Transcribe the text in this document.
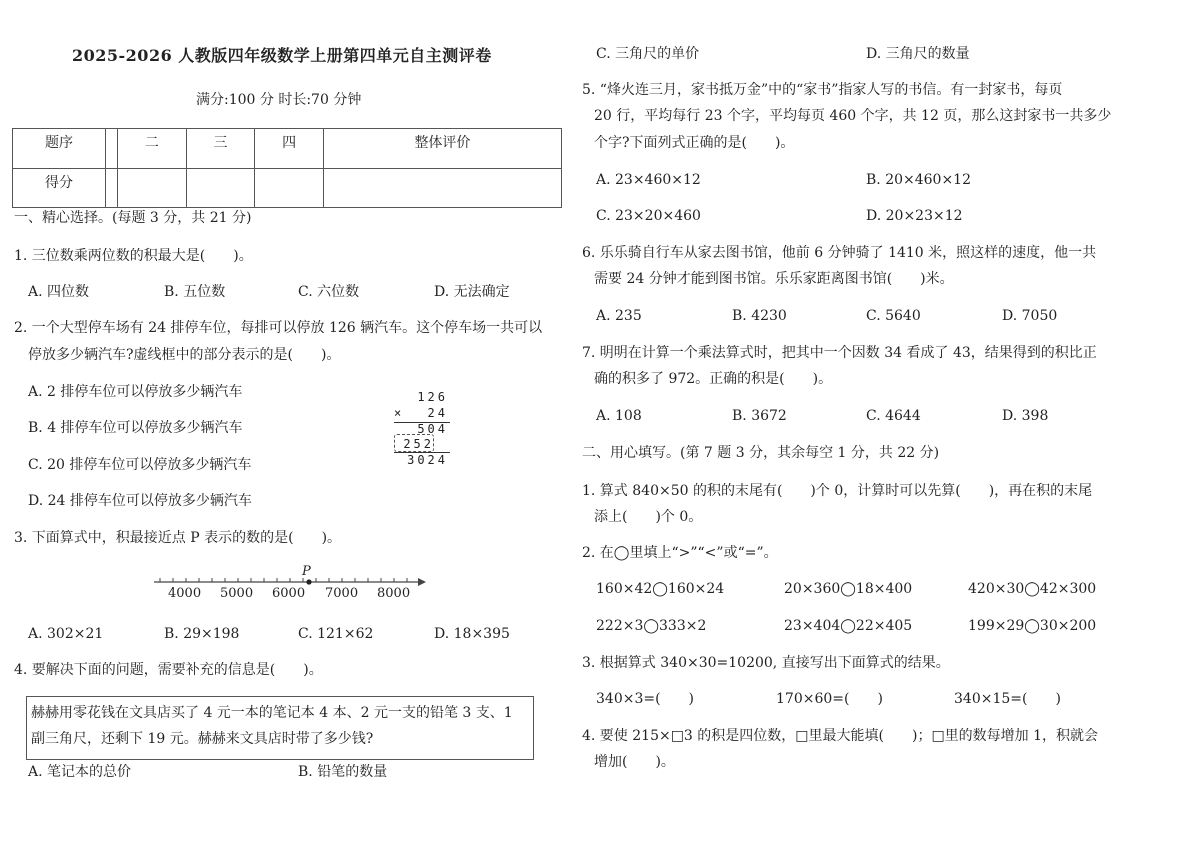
2025-2026 人教版四年级数学上册第四单元自主测评卷
满分:100 分 时长:70 分钟
题序		二	三	四	整体评价
得分					
一、精心选择。(每题 3 分，共 21 分)
1. 三位数乘两位数的积最大是(　　)。
A. 四位数	B. 五位数	C. 六位数	D. 无法确定
2. 一个大型停车场有 24 排停车位，每排可以停放 126 辆汽车。这个停车场一共可以
停放多少辆汽车?虚线框中的部分表示的是(　　)。
A. 2 排停车位可以停放多少辆汽车
B. 4 排停车位可以停放多少辆汽车
C. 20 排停车位可以停放多少辆汽车
D. 24 排停车位可以停放多少辆汽车
126
× 24
504
252
3024
3. 下面算式中，积最接近点 P 表示的数的是(　　)。
P
4000 5000 6000 7000 8000
A. 302×21	B. 29×198	C. 121×62	D. 18×395
4. 要解决下面的问题，需要补充的信息是(　　)。
赫赫用零花钱在文具店买了 4 元一本的笔记本 4 本、2 元一支的铅笔 3 支、1
副三角尺，还剩下 19 元。赫赫来文具店时带了多少钱?
A. 笔记本的总价	B. 铅笔的数量
C. 三角尺的单价	D. 三角尺的数量
5. “烽火连三月，家书抵万金”中的“家书”指家人写的书信。有一封家书，每页
20 行，平均每行 23 个字，平均每页 460 个字，共 12 页，那么这封家书一共多少
个字?下面列式正确的是(　　)。
A. 23×460×12	B. 20×460×12
C. 23×20×460	D. 20×23×12
6. 乐乐骑自行车从家去图书馆，他前 6 分钟骑了 1410 米，照这样的速度，他一共
需要 24 分钟才能到图书馆。乐乐家距离图书馆(　　)米。
A. 235	B. 4230	C. 5640	D. 7050
7. 明明在计算一个乘法算式时，把其中一个因数 34 看成了 43，结果得到的积比正
确的积多了 972。正确的积是(　　)。
A. 108	B. 3672	C. 4644	D. 398
二、用心填写。(第 7 题 3 分，其余每空 1 分，共 22 分)
1. 算式 840×50 的积的末尾有(　　)个 0，计算时可以先算(　　)，再在积的末尾
添上(　　)个 0。
2. 在◯里填上“>”“<”或“=”。
160×42◯160×24	20×360◯18×400	420×30◯42×300
222×3◯333×2	23×404◯22×405	199×29◯30×200
3. 根据算式 340×30=10200, 直接写出下面算式的结果。
340×3=(　　)	170×60=(　　)	340×15=(　　)
4. 要使 215×□3 的积是四位数，□里最大能填(　　)；□里的数每增加 1，积就会
增加(　　)。
